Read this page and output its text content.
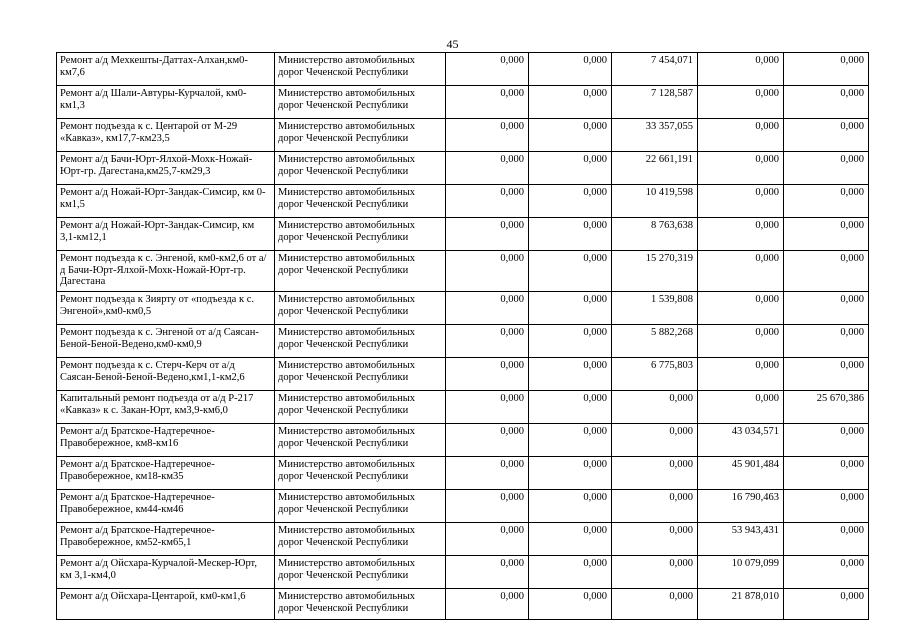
45
Ремонт а/д Мехкешты-Даттах-Алхан,км0-км7,6	Министерство автомобильных дорог Чеченской Республики	0,000	0,000	7 454,071	0,000	0,000
Ремонт а/д Шали-Автуры-Курчалой, км0-км1,3	Министерство автомобильных дорог Чеченской Республики	0,000	0,000	7 128,587	0,000	0,000
Ремонт подъезда к с. Центарой от М-29 «Кавказ», км17,7-км23,5	Министерство автомобильных дорог Чеченской Республики	0,000	0,000	33 357,055	0,000	0,000
Ремонт а/д Бачи-Юрт-Ялхой-Мохк-Ножай-Юрт-гр. Дагестана,км25,7-км29,3	Министерство автомобильных дорог Чеченской Республики	0,000	0,000	22 661,191	0,000	0,000
Ремонт а/д Ножай-Юрт-Зандак-Симсир, км 0-км1,5	Министерство автомобильных дорог Чеченской Республики	0,000	0,000	10 419,598	0,000	0,000
Ремонт а/д Ножай-Юрт-Зандак-Симсир, км 3,1-км12,1	Министерство автомобильных дорог Чеченской Республики	0,000	0,000	8 763,638	0,000	0,000
Ремонт подъезда к с. Энгеной, км0-км2,6 от а/д Бачи-Юрт-Ялхой-Мохк-Ножай-Юрт-гр. Дагестана	Министерство автомобильных дорог Чеченской Республики	0,000	0,000	15 270,319	0,000	0,000
Ремонт подъезда к Зиярту от «подъезда к с. Энгеной»,км0-км0,5	Министерство автомобильных дорог Чеченской Республики	0,000	0,000	1 539,808	0,000	0,000
Ремонт подъезда к с. Энгеной от а/д Саясан-Беной-Беной-Ведено,км0-км0,9	Министерство автомобильных дорог Чеченской Республики	0,000	0,000	5 882,268	0,000	0,000
Ремонт подъезда к с. Стерч-Керч от а/д Саясан-Беной-Беной-Ведено,км1,1-км2,6	Министерство автомобильных дорог Чеченской Республики	0,000	0,000	6 775,803	0,000	0,000
Капитальный ремонт подъезда от а/д Р-217 «Кавказ» к с. Закан-Юрт, км3,9-км6,0	Министерство автомобильных дорог Чеченской Республики	0,000	0,000	0,000	0,000	25 670,386
Ремонт а/д Братское-Надтеречное-Правобережное, км8-км16	Министерство автомобильных дорог Чеченской Республики	0,000	0,000	0,000	43 034,571	0,000
Ремонт а/д Братское-Надтеречное-Правобережное, км18-км35	Министерство автомобильных дорог Чеченской Республики	0,000	0,000	0,000	45 901,484	0,000
Ремонт а/д Братское-Надтеречное-Правобережное, км44-км46	Министерство автомобильных дорог Чеченской Республики	0,000	0,000	0,000	16 790,463	0,000
Ремонт а/д Братское-Надтеречное-Правобережное, км52-км65,1	Министерство автомобильных дорог Чеченской Республики	0,000	0,000	0,000	53 943,431	0,000
Ремонт а/д Ойсхара-Курчалой-Мескер-Юрт, км 3,1-км4,0	Министерство автомобильных дорог Чеченской Республики	0,000	0,000	0,000	10 079,099	0,000
Ремонт а/д Ойсхара-Центарой, км0-км1,6	Министерство автомобильных дорог Чеченской Республики	0,000	0,000	0,000	21 878,010	0,000
